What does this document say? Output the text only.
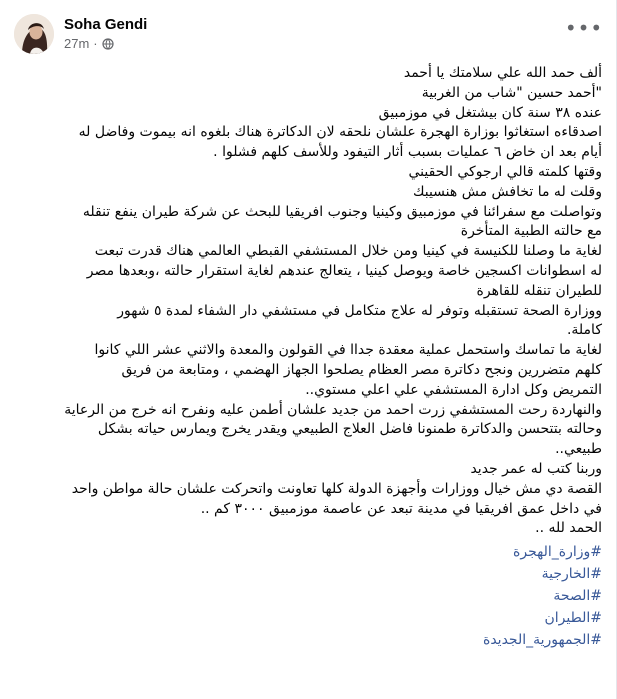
Soha Gendi
27m ·
•••
ألف حمد الله علي سلامتك يا أحمد
"أحمد حسين "شاب من الغربية
عنده ٣٨ سنة كان بيشتغل في موزمبيق
اصدقاءه استغاثوا بوزارة الهجرة علشان نلحقه لان الدكاترة هناك بلغوه انه بيموت وفاضل له
أيام بعد ان خاض ٦ عمليات بسبب أثار التيفود وللأسف كلهم فشلوا .
وقتها كلمته قالي ارجوكي الحقيني
وقلت له ما تخافش مش هنسيبك
وتواصلت مع سفرائنا في موزمبيق وكينيا وجنوب افريقيا للبحث عن شركة طيران ينفع تنقله
مع حالته الطبية المتأخرة
لغاية ما وصلنا للكنيسة في كينيا ومن خلال المستشفي القبطي العالمي هناك قدرت تبعت
له اسطوانات اكسجين خاصة ويوصل كينيا ، يتعالج عندهم لغاية استقرار حالته ،وبعدها مصر
للطيران تنقله للقاهرة
ووزارة الصحة تستقبله وتوفر له علاج متكامل في مستشفي دار الشفاء لمدة ٥ شهور
كاملة.
لغاية ما تماسك واستحمل عملية معقدة جداا في القولون والمعدة والاثني عشر اللي كانوا
كلهم متضررين ونجح دكاترة مصر العظام يصلحوا الجهاز الهضمي ، ومتابعة من فريق
التمريض وكل ادارة المستشفي علي اعلي مستوي..
والنهاردة رحت المستشفي زرت احمد من جديد علشان أطمن عليه ونفرح انه خرج من الرعاية
وحالته بتتحسن والدكاترة طمنونا فاضل العلاج الطبيعي ويقدر يخرج ويمارس حياته بشكل
طبيعي..
وربنا كتب له عمر جديد
القصة دي مش خيال ووزارات وأجهزة الدولة كلها تعاونت واتحركت علشان حالة مواطن واحد
في داخل عمق افريقيا في مدينة تبعد عن عاصمة موزمبيق ٣٠٠٠ كم ..
الحمد لله ..
#وزارة_الهجرة
#الخارجية
#الصحة
#الطيران
#الجمهورية_الجديدة
